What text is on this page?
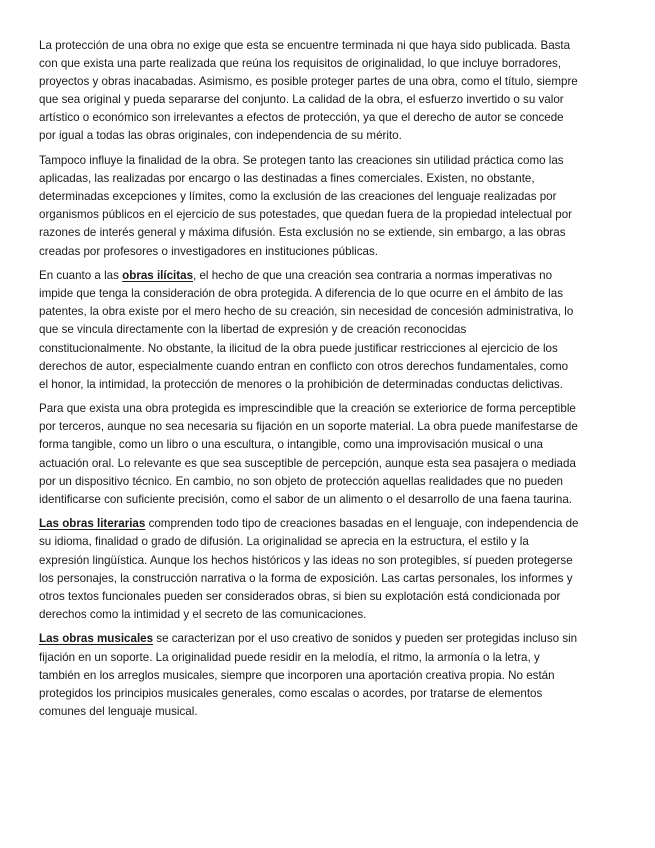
La protección de una obra no exige que esta se encuentre terminada ni que haya sido publicada. Basta
con que exista una parte realizada que reúna los requisitos de originalidad, lo que incluye borradores,
proyectos y obras inacabadas. Asimismo, es posible proteger partes de una obra, como el título, siempre
que sea original y pueda separarse del conjunto. La calidad de la obra, el esfuerzo invertido o su valor
artístico o económico son irrelevantes a efectos de protección, ya que el derecho de autor se concede
por igual a todas las obras originales, con independencia de su mérito.

Tampoco influye la finalidad de la obra. Se protegen tanto las creaciones sin utilidad práctica como las
aplicadas, las realizadas por encargo o las destinadas a fines comerciales. Existen, no obstante,
determinadas excepciones y límites, como la exclusión de las creaciones del lenguaje realizadas por
organismos públicos en el ejercicio de sus potestades, que quedan fuera de la propiedad intelectual por
razones de interés general y máxima difusión. Esta exclusión no se extiende, sin embargo, a las obras
creadas por profesores o investigadores en instituciones públicas.

En cuanto a las obras ilícitas, el hecho de que una creación sea contraria a normas imperativas no
impide que tenga la consideración de obra protegida. A diferencia de lo que ocurre en el ámbito de las
patentes, la obra existe por el mero hecho de su creación, sin necesidad de concesión administrativa, lo
que se vincula directamente con la libertad de expresión y de creación reconocidas
constitucionalmente. No obstante, la ilicitud de la obra puede justificar restricciones al ejercicio de los
derechos de autor, especialmente cuando entran en conflicto con otros derechos fundamentales, como
el honor, la intimidad, la protección de menores o la prohibición de determinadas conductas delictivas.

Para que exista una obra protegida es imprescindible que la creación se exteriorice de forma perceptible
por terceros, aunque no sea necesaria su fijación en un soporte material. La obra puede manifestarse de
forma tangible, como un libro o una escultura, o intangible, como una improvisación musical o una
actuación oral. Lo relevante es que sea susceptible de percepción, aunque esta sea pasajera o mediada
por un dispositivo técnico. En cambio, no son objeto de protección aquellas realidades que no pueden
identificarse con suficiente precisión, como el sabor de un alimento o el desarrollo de una faena taurina.

Las obras literarias comprenden todo tipo de creaciones basadas en el lenguaje, con independencia de
su idioma, finalidad o grado de difusión. La originalidad se aprecia en la estructura, el estilo y la
expresión lingüística. Aunque los hechos históricos y las ideas no son protegibles, sí pueden protegerse
los personajes, la construcción narrativa o la forma de exposición. Las cartas personales, los informes y
otros textos funcionales pueden ser considerados obras, si bien su explotación está condicionada por
derechos como la intimidad y el secreto de las comunicaciones.

Las obras musicales se caracterizan por el uso creativo de sonidos y pueden ser protegidas incluso sin
fijación en un soporte. La originalidad puede residir en la melodía, el ritmo, la armonía o la letra, y
también en los arreglos musicales, siempre que incorporen una aportación creativa propia. No están
protegidos los principios musicales generales, como escalas o acordes, por tratarse de elementos
comunes del lenguaje musical.
